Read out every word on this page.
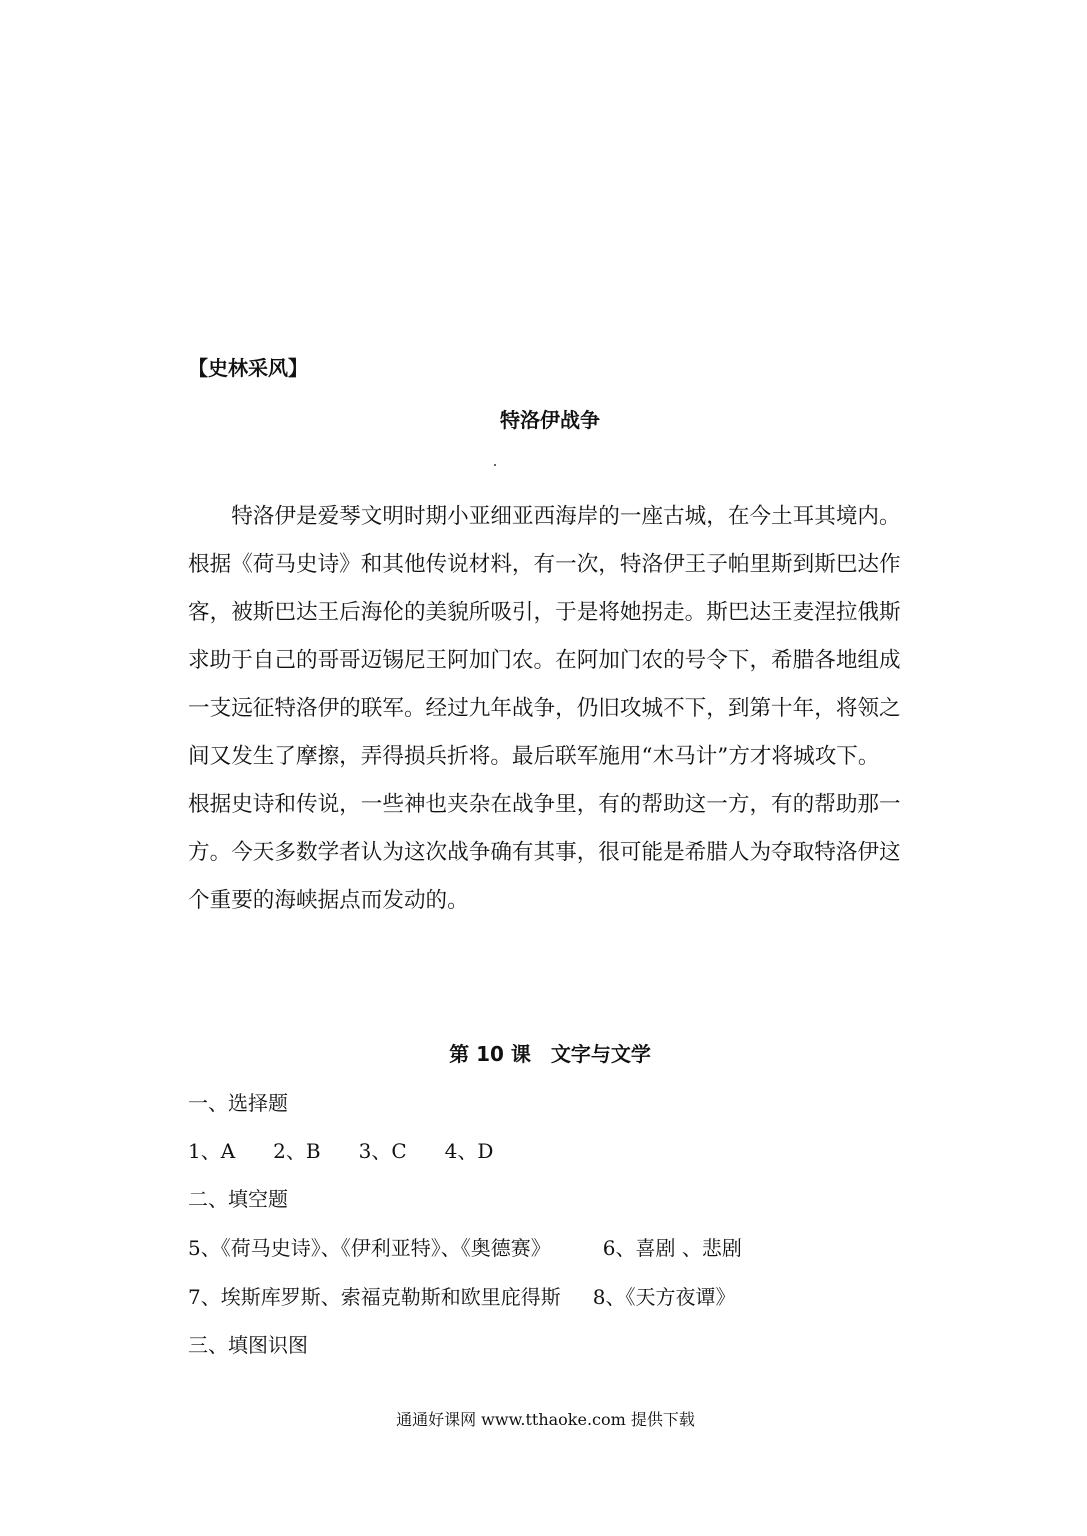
【史林采风】
特洛伊战争
　　特洛伊是爱琴文明时期小亚细亚西海岸的一座古城，在今土耳其境内。
根据《荷马史诗》和其他传说材料，有一次，特洛伊王子帕里斯到斯巴达作
客，被斯巴达王后海伦的美貌所吸引，于是将她拐走。斯巴达王麦涅拉俄斯
求助于自己的哥哥迈锡尼王阿加门农。在阿加门农的号令下，希腊各地组成
一支远征特洛伊的联军。经过九年战争，仍旧攻城不下，到第十年，将领之
间又发生了摩擦，弄得损兵折将。最后联军施用“木马计”方才将城攻下。
根据史诗和传说，一些神也夹杂在战争里，有的帮助这一方，有的帮助那一
方。今天多数学者认为这次战争确有其事，很可能是希腊人为夺取特洛伊这
个重要的海峡据点而发动的。
第 10 课　文字与文学
一、选择题
1、A 2、B 3、C 4、D
二、填空题
5、《荷马史诗》、《伊利亚特》、《奥德赛》	6、喜剧 、悲剧
7、埃斯库罗斯、索福克勒斯和欧里庇得斯 8、《天方夜谭》
三、填图识图
通通好课网 www.tthaoke.com 提供下载
